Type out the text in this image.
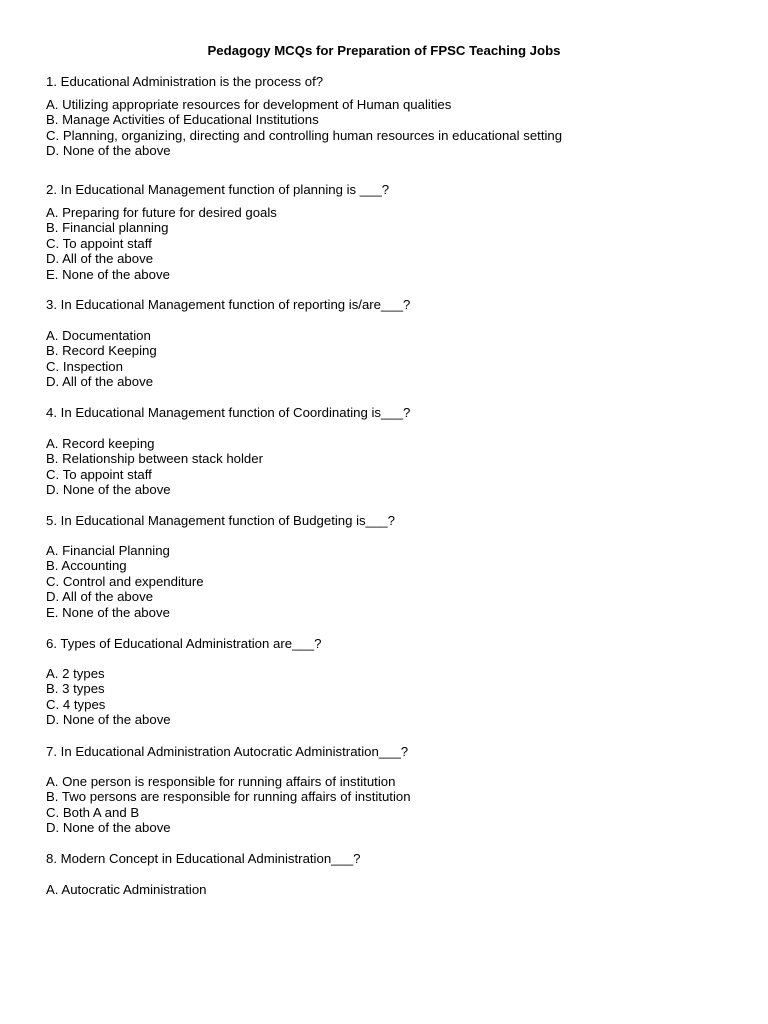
Pedagogy MCQs for Preparation of FPSC Teaching Jobs
1. Educational Administration is the process of?
A. Utilizing appropriate resources for development of Human qualities
B. Manage Activities of Educational Institutions
C. Planning, organizing, directing and controlling human resources in educational setting
D. None of the above
2. In Educational Management function of planning is ___?
A. Preparing for future for desired goals
B. Financial planning
C. To appoint staff
D. All of the above
E. None of the above
3. In Educational Management function of reporting is/are___?
A. Documentation
B. Record Keeping
C. Inspection
D. All of the above
4. In Educational Management function of Coordinating is___?
A. Record keeping
B. Relationship between stack holder
C. To appoint staff
D. None of the above
5. In Educational Management function of Budgeting is___?
A. Financial Planning
B. Accounting
C. Control and expenditure
D. All of the above
E. None of the above
6. Types of Educational Administration are___?
A. 2 types
B. 3 types
C. 4 types
D. None of the above
7. In Educational Administration Autocratic Administration___?
A. One person is responsible for running affairs of institution
B. Two persons are responsible for running affairs of institution
C. Both A and B
D. None of the above
8. Modern Concept in Educational Administration___?
A. Autocratic Administration
